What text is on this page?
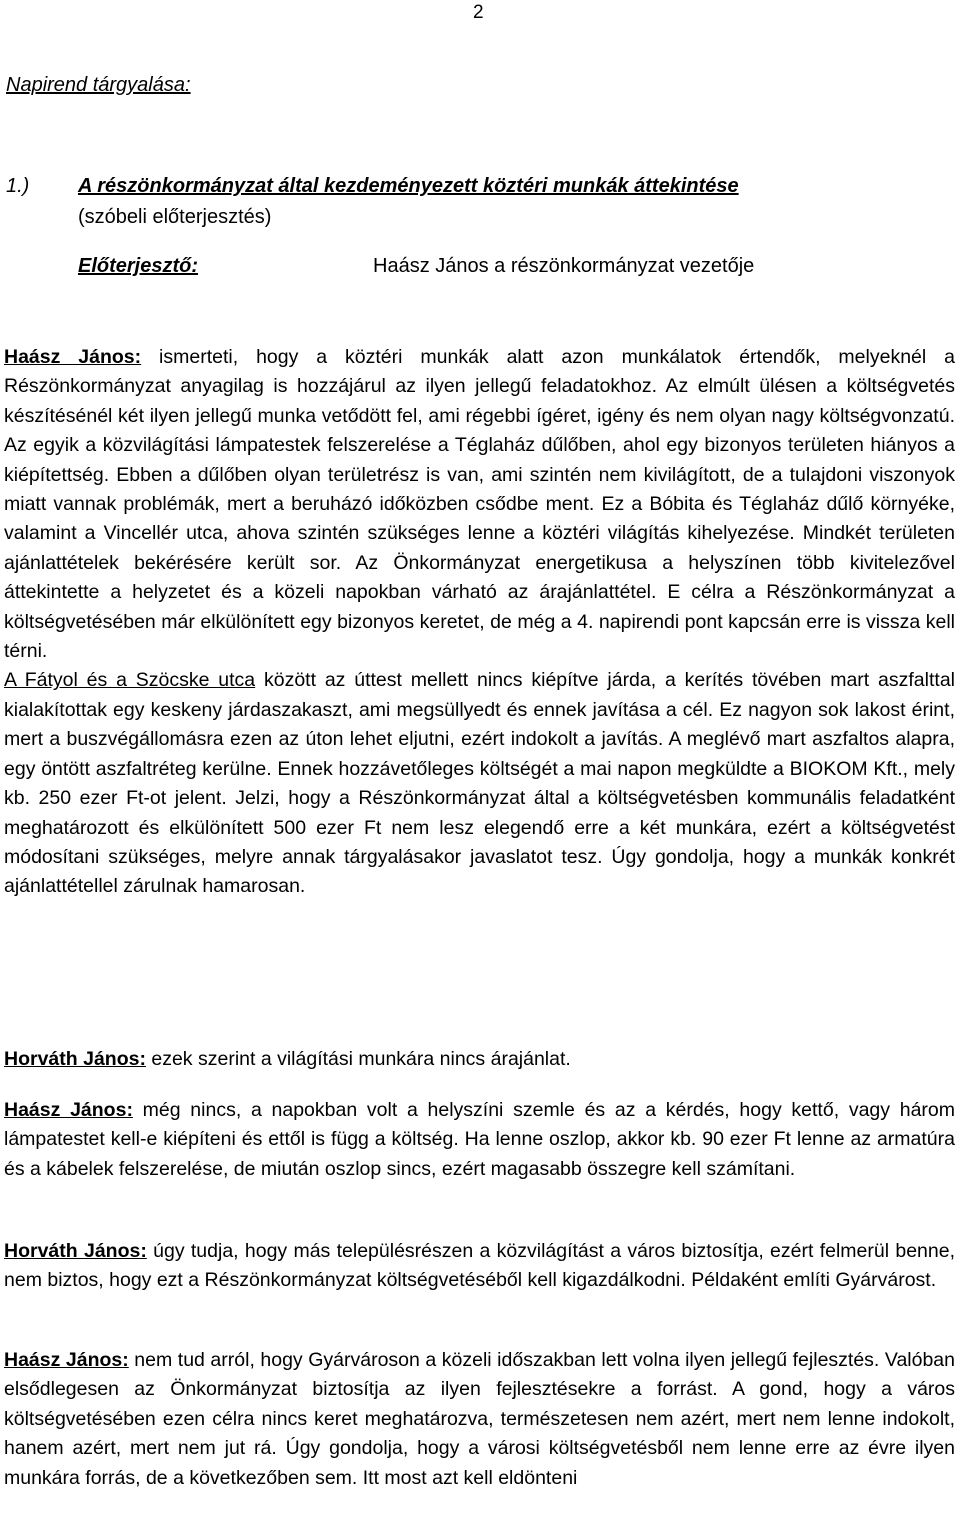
2
Napirend tárgyalása:
1.) A részönkormányzat által kezdeményezett köztéri munkák áttekintése
(szóbeli előterjesztés)
Előterjesztő:	Haász János a részönkormányzat vezetője
Haász János: ismerteti, hogy a köztéri munkák alatt azon munkálatok értendők, melyeknél a Részönkormányzat anyagilag is hozzájárul az ilyen jellegű feladatokhoz. Az elmúlt ülésen a költségvetés készítésénél két ilyen jellegű munka vetődött fel, ami régebbi ígéret, igény és nem olyan nagy költségvonzatú. Az egyik a közvilágítási lámpatestek felszerelése a Téglaház dűlőben, ahol egy bizonyos területen hiányos a kiépítettség. Ebben a dűlőben olyan területrész is van, ami szintén nem kivilágított, de a tulajdoni viszonyok miatt vannak problémák, mert a beruházó időközben csődbe ment. Ez a Bóbita és Téglaház dűlő környéke, valamint a Vincellér utca, ahova szintén szükséges lenne a köztéri világítás kihelyezése. Mindkét területen ajánlattételek bekérésére került sor. Az Önkormányzat energetikusa a helyszínen több kivitelezővel áttekintette a helyzetet és a közeli napokban várható az árajánlattétel. E célra a Részönkormányzat a költségvetésében már elkülönített egy bizonyos keretet, de még a 4. napirendi pont kapcsán erre is vissza kell térni.
A Fátyol és a Szöcske utca között az úttest mellett nincs kiépítve járda, a kerítés tövében mart aszfalttal kialakítottak egy keskeny járdaszakaszt, ami megsüllyedt és ennek javítása a cél. Ez nagyon sok lakost érint, mert a buszvégállomásra ezen az úton lehet eljutni, ezért indokolt a javítás. A meglévő mart aszfaltos alapra, egy öntött aszfaltréteg kerülne. Ennek hozzávetőleges költségét a mai napon megküldte a BIOKOM Kft., mely kb. 250 ezer Ft-ot jelent. Jelzi, hogy a Részönkormányzat által a költségvetésben kommunális feladatként meghatározott és elkülönített 500 ezer Ft nem lesz elegendő erre a két munkára, ezért a költségvetést módosítani szükséges, melyre annak tárgyalásakor javaslatot tesz. Úgy gondolja, hogy a munkák konkrét ajánlattétellel zárulnak hamarosan.
Horváth János: ezek szerint a világítási munkára nincs árajánlat.
Haász János: még nincs, a napokban volt a helyszíni szemle és az a kérdés, hogy kettő, vagy három lámpatestet kell-e kiépíteni és ettől is függ a költség. Ha lenne oszlop, akkor kb. 90 ezer Ft lenne az armatúra és a kábelek felszerelése, de miután oszlop sincs, ezért magasabb összegre kell számítani.
Horváth János: úgy tudja, hogy más településrészen a közvilágítást a város biztosítja, ezért felmerül benne, nem biztos, hogy ezt a Részönkormányzat költségvetéséből kell kigazdálkodni. Példaként említi Gyárvárost.
Haász János: nem tud arról, hogy Gyárvároson a közeli időszakban lett volna ilyen jellegű fejlesztés. Valóban elsődlegesen az Önkormányzat biztosítja az ilyen fejlesztésekre a forrást. A gond, hogy a város költségvetésében ezen célra nincs keret meghatározva, természetesen nem azért, mert nem lenne indokolt, hanem azért, mert nem jut rá. Úgy gondolja, hogy a városi költségvetésből nem lenne erre az évre ilyen munkára forrás, de a következőben sem. Itt most azt kell eldönteni
